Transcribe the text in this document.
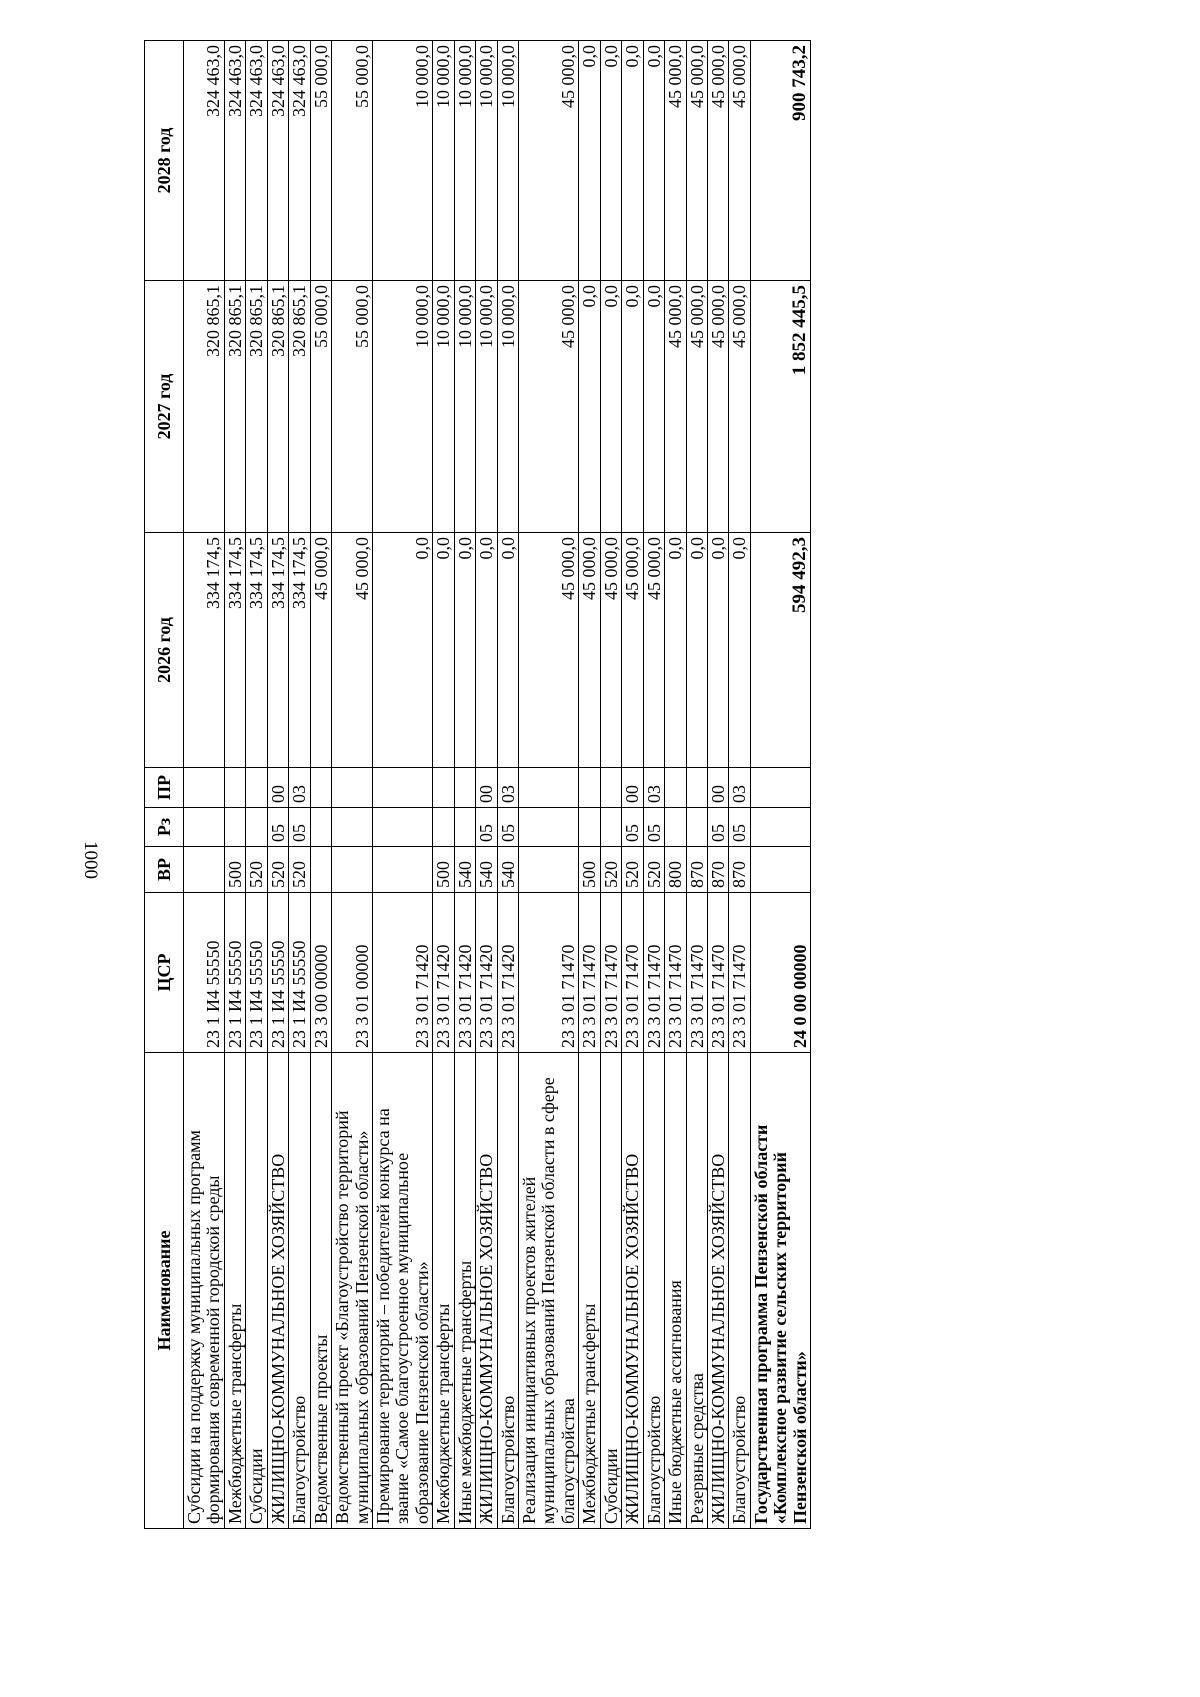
1000
Наименование	ЦСР	ВР	Рз	ПР	2026 год	2027 год	2028 год
Субсидии на поддержку муниципальных программ формирования современной городской среды	23 1 И4 55550				334 174,5	320 865,1	324 463,0
Межбюджетные трансферты	23 1 И4 55550	500			334 174,5	320 865,1	324 463,0
Субсидии	23 1 И4 55550	520			334 174,5	320 865,1	324 463,0
ЖИЛИЩНО-КОММУНАЛЬНОЕ ХОЗЯЙСТВО	23 1 И4 55550	520	05	00	334 174,5	320 865,1	324 463,0
Благоустройство	23 1 И4 55550	520	05	03	334 174,5	320 865,1	324 463,0
Ведомственные проекты	23 3 00 00000				45 000,0	55 000,0	55 000,0
Ведомственный проект «Благоустройство территорий муниципальных образований Пензенской области»	23 3 01 00000				45 000,0	55 000,0	55 000,0
Премирование территорий – победителей конкурса на звание «Самое благоустроенное муниципальное образование Пензенской области»	23 3 01 71420				0,0	10 000,0	10 000,0
Межбюджетные трансферты	23 3 01 71420	500			0,0	10 000,0	10 000,0
Иные межбюджетные трансферты	23 3 01 71420	540			0,0	10 000,0	10 000,0
ЖИЛИЩНО-КОММУНАЛЬНОЕ ХОЗЯЙСТВО	23 3 01 71420	540	05	00	0,0	10 000,0	10 000,0
Благоустройство	23 3 01 71420	540	05	03	0,0	10 000,0	10 000,0
Реализация инициативных проектов жителей муниципальных образований Пензенской области в сфере благоустройства	23 3 01 71470				45 000,0	45 000,0	45 000,0
Межбюджетные трансферты	23 3 01 71470	500			45 000,0	0,0	0,0
Субсидии	23 3 01 71470	520			45 000,0	0,0	0,0
ЖИЛИЩНО-КОММУНАЛЬНОЕ ХОЗЯЙСТВО	23 3 01 71470	520	05	00	45 000,0	0,0	0,0
Благоустройство	23 3 01 71470	520	05	03	45 000,0	0,0	0,0
Иные бюджетные ассигнования	23 3 01 71470	800			0,0	45 000,0	45 000,0
Резервные средства	23 3 01 71470	870			0,0	45 000,0	45 000,0
ЖИЛИЩНО-КОММУНАЛЬНОЕ ХОЗЯЙСТВО	23 3 01 71470	870	05	00	0,0	45 000,0	45 000,0
Благоустройство	23 3 01 71470	870	05	03	0,0	45 000,0	45 000,0
Государственная программа Пензенской области «Комплексное развитие сельских территорий Пензенской области»	24 0 00 00000				594 492,3	1 852 445,5	900 743,2
